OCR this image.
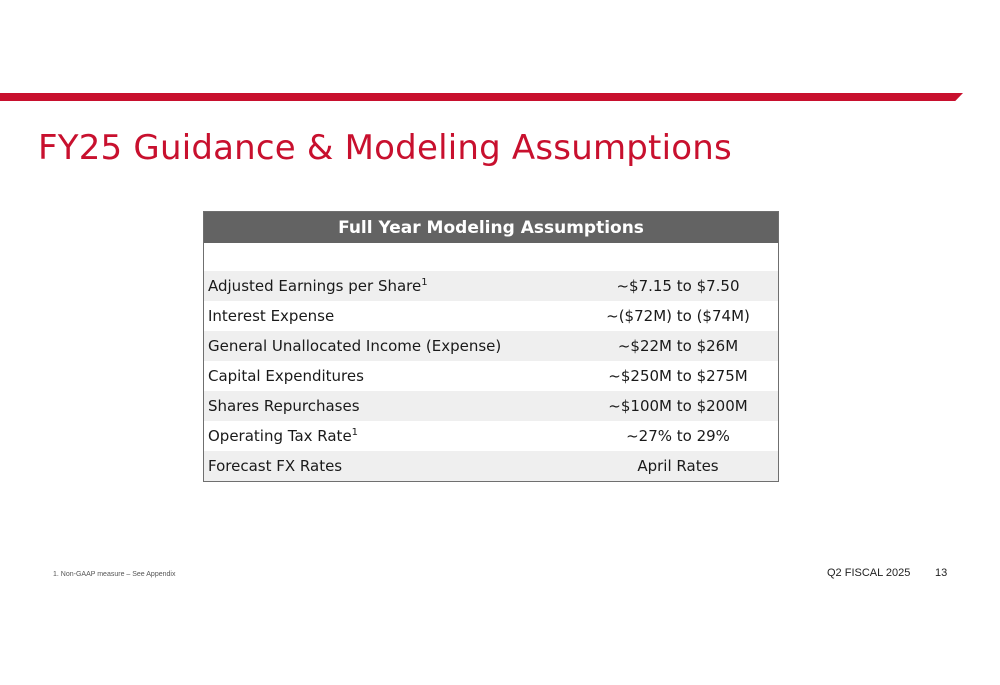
FY25 Guidance & Modeling Assumptions
Full Year Modeling Assumptions
Adjusted Earnings per Share$^1$	~$7.15 to $7.50
Interest Expense	~($72M) to ($74M)
General Unallocated Income (Expense)	~$22M to $26M
Capital Expenditures	~$250M to $275M
Shares Repurchases	~$100M to $200M
Operating Tax Rate$^1$	~27% to 29%
Forecast FX Rates	April Rates
1. Non-GAAP measure – See Appendix	Q2 FISCAL 2025 13
